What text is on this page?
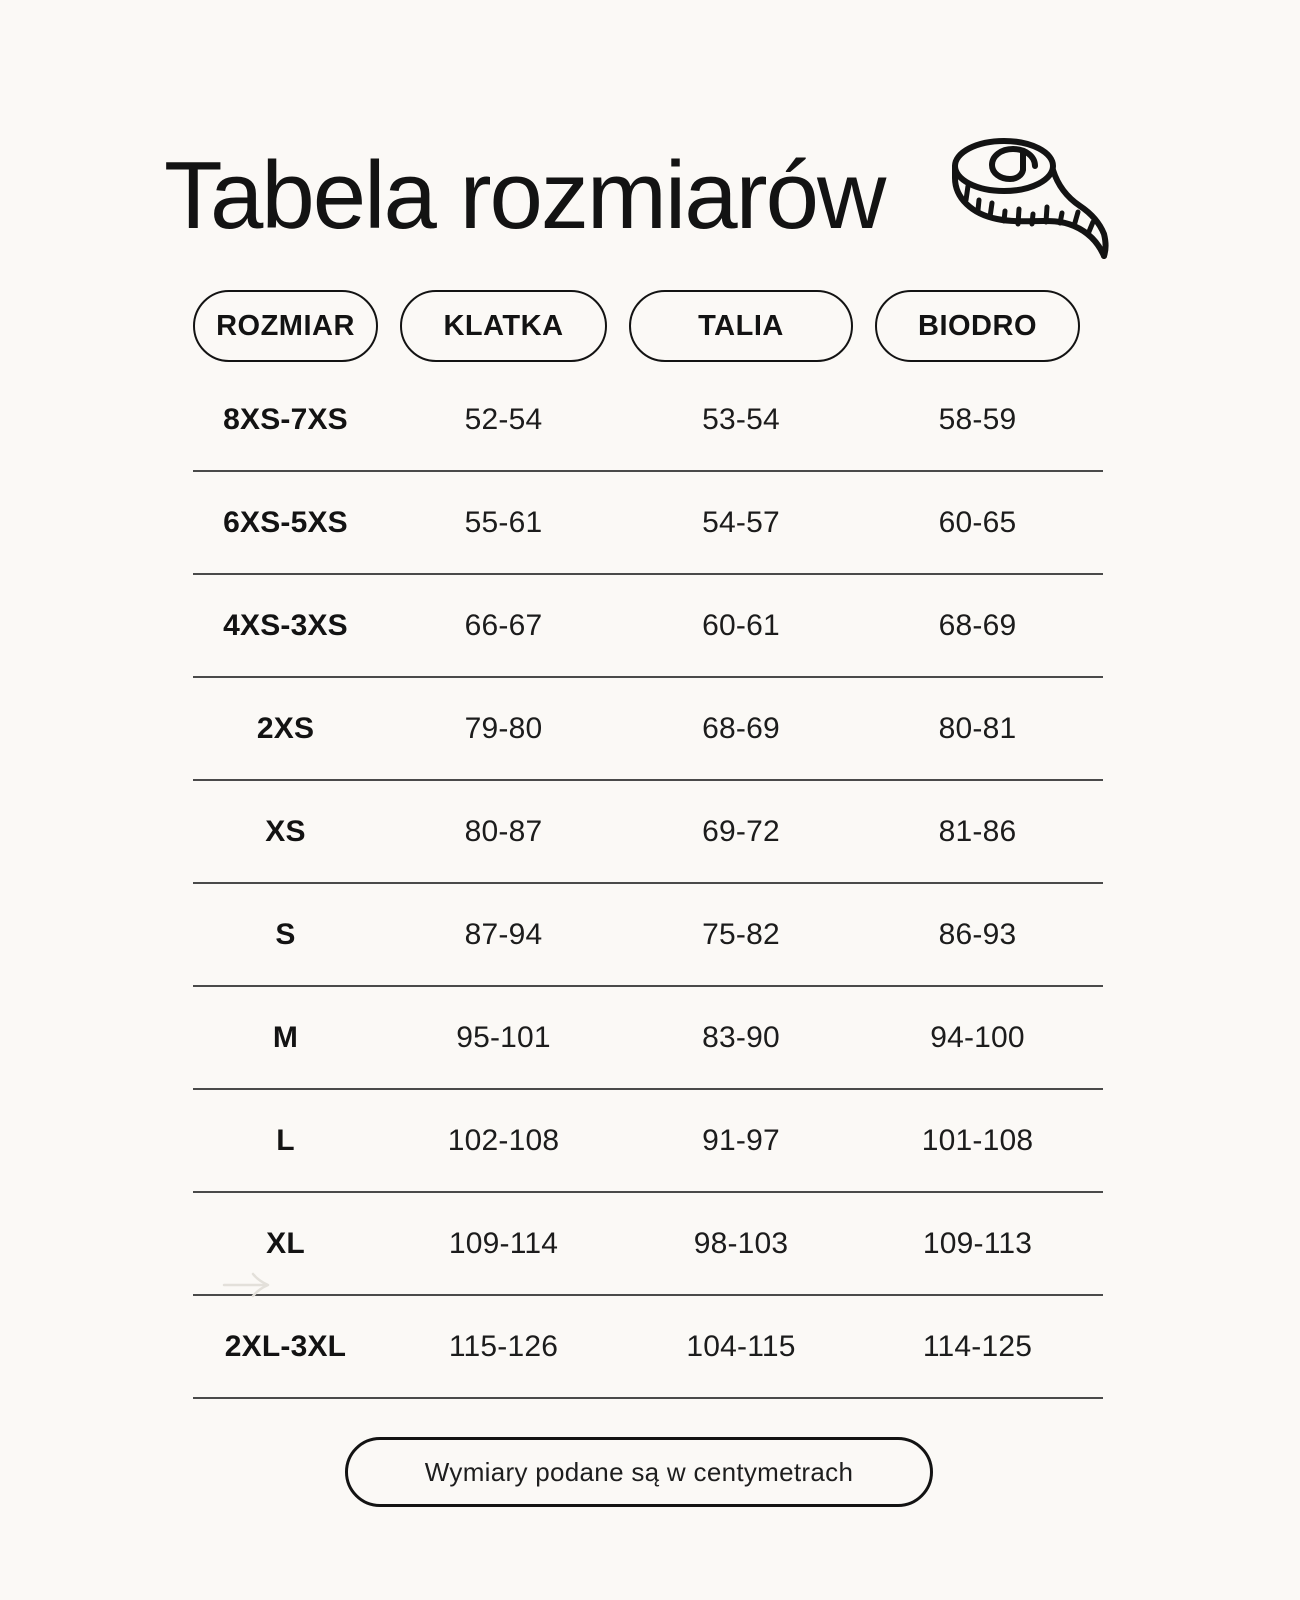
Tabela rozmiarów
ROZMIAR	KLATKA	TALIA	BIODRO
8XS-7XS	52-54	53-54	58-59
6XS-5XS	55-61	54-57	60-65
4XS-3XS	66-67	60-61	68-69
2XS	79-80	68-69	80-81
XS	80-87	69-72	81-86
S	87-94	75-82	86-93
M	95-101	83-90	94-100
L	102-108	91-97	101-108
XL	109-114	98-103	109-113
2XL-3XL	115-126	104-115	114-125
Wymiary podane są w centymetrach
